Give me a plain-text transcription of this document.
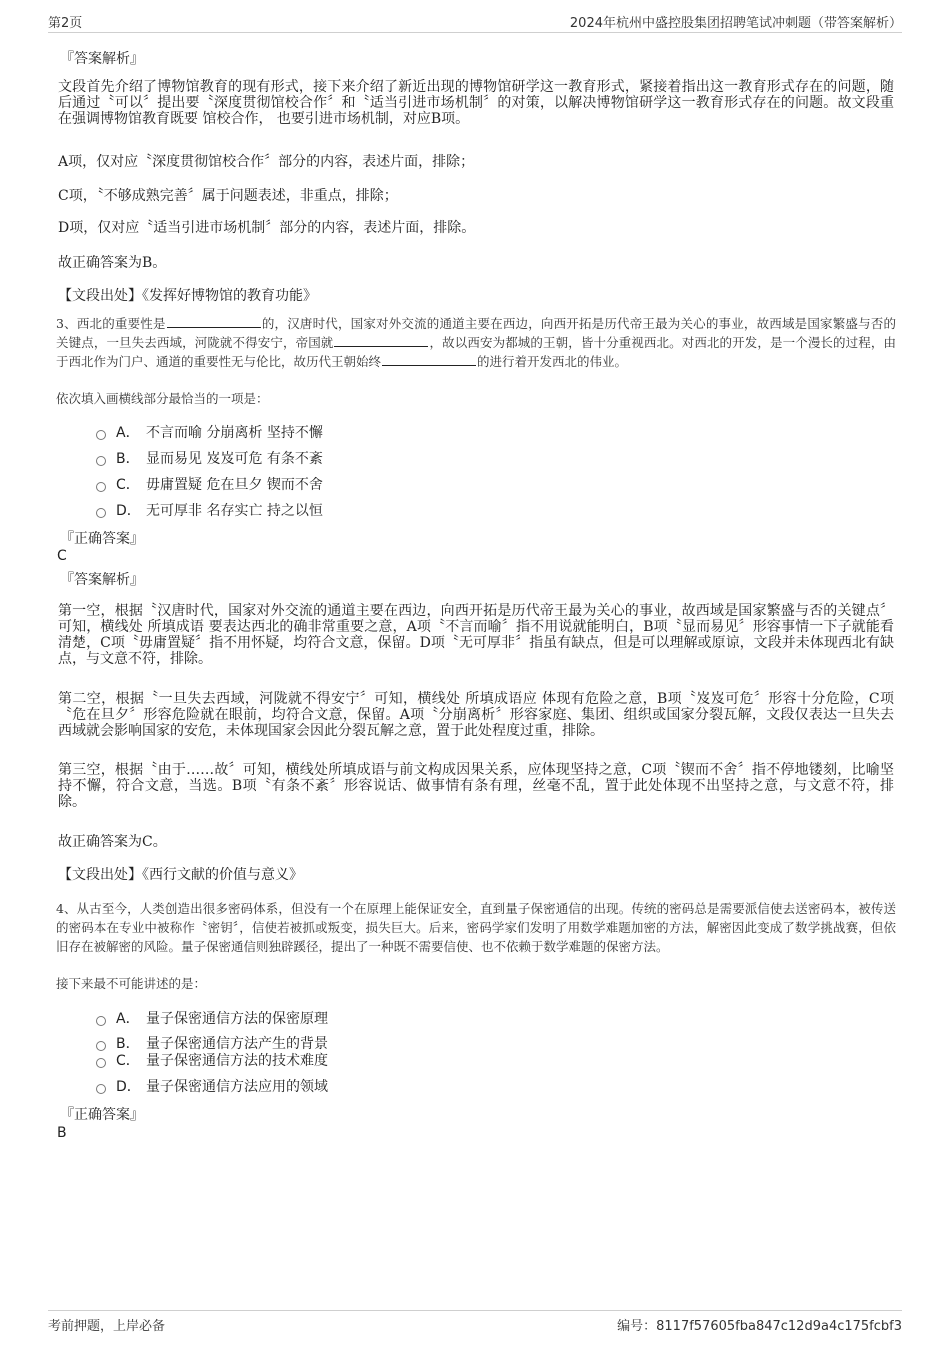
第2页	2024年杭州中盛控股集团招聘笔试冲刺题（带答案解析）

『答案解析』

文段首先介绍了博物馆教育的现有形式，接下来介绍了新近出现的博物馆研学这一教育形式，紧接着指出这一教育形式存在的问题，随后通过〝可以〞提出要〝深度贯彻馆校合作〞和〝适当引进市场机制〞的对策，以解决博物馆研学这一教育形式存在的问题。故文段重在强调博物馆教育既要 馆校合作， 也要引进市场机制，对应B项。

A项，仅对应〝深度贯彻馆校合作〞部分的内容，表述片面，排除；

C项，〝不够成熟完善〞属于问题表述，非重点，排除；

D项，仅对应〝适当引进市场机制〞部分的内容，表述片面，排除。

故正确答案为B。

【文段出处】《发挥好博物馆的教育功能》

3、西北的重要性是	的，汉唐时代，国家对外交流的通道主要在西边，向西开拓是历代帝王最为关心的事业，故西域是国家繁盛与否的关键点，一旦失去西域，河陇就不得安宁，帝国就	，故以西安为都城的王朝，皆十分重视西北。对西北的开发，是一个漫长的过程，由于西北作为门户、通道的重要性无与伦比，故历代王朝始终	的进行着开发西北的伟业。

依次填入画横线部分最恰当的一项是：

A． 不言而喻 分崩离析 坚持不懈
B． 显而易见 岌岌可危 有条不紊
C． 毋庸置疑 危在旦夕 锲而不舍
D． 无可厚非 名存实亡 持之以恒

『正确答案』

C

『答案解析』

第一空，根据〝汉唐时代，国家对外交流的通道主要在西边，向西开拓是历代帝王最为关心的事业，故西域是国家繁盛与否的关键点〞可知，横线处 所填成语 要表达西北的确非常重要之意，A项〝不言而喻〞指不用说就能明白，B项〝显而易见〞形容事情一下子就能看清楚，C项〝毋庸置疑〞指不用怀疑，均符合文意，保留。D项〝无可厚非〞指虽有缺点，但是可以理解或原谅，文段并未体现西北有缺点，与文意不符，排除。

第二空，根据〝一旦失去西域，河陇就不得安宁〞可知，横线处 所填成语应 体现有危险之意，B项〝岌岌可危〞形容十分危险，C项〝危在旦夕〞形容危险就在眼前，均符合文意，保留。A项〝分崩离析〞形容家庭、集团、组织或国家分裂瓦解，文段仅表达一旦失去西域就会影响国家的安危，未体现国家会因此分裂瓦解之意，置于此处程度过重，排除。

第三空，根据〝由于……故〞可知，横线处所填成语与前文构成因果关系，应体现坚持之意，C项〝锲而不舍〞指不停地镂刻，比喻坚持不懈，符合文意，当选。B项〝有条不紊〞形容说话、做事情有条有理，丝毫不乱，置于此处体现不出坚持之意，与文意不符，排除。

故正确答案为C。

【文段出处】《西行文献的价值与意义》

4、从古至今，人类创造出很多密码体系，但没有一个在原理上能保证安全，直到量子保密通信的出现。传统的密码总是需要派信使去送密码本，被传送的密码本在专业中被称作〝密钥〞，信使若被抓或叛变，损失巨大。后来，密码学家们发明了用数学难题加密的方法，解密因此变成了数学挑战赛，但依旧存在被解密的风险。量子保密通信则独辟蹊径，提出了一种既不需要信使、也不依赖于数学难题的保密方法。

接下来最不可能讲述的是：

A． 量子保密通信方法的保密原理
B． 量子保密通信方法产生的背景
C． 量子保密通信方法的技术难度
D． 量子保密通信方法应用的领域

『正确答案』

B

考前押题，上岸必备	编号：8117f57605fba847c12d9a4c175fcbf3
